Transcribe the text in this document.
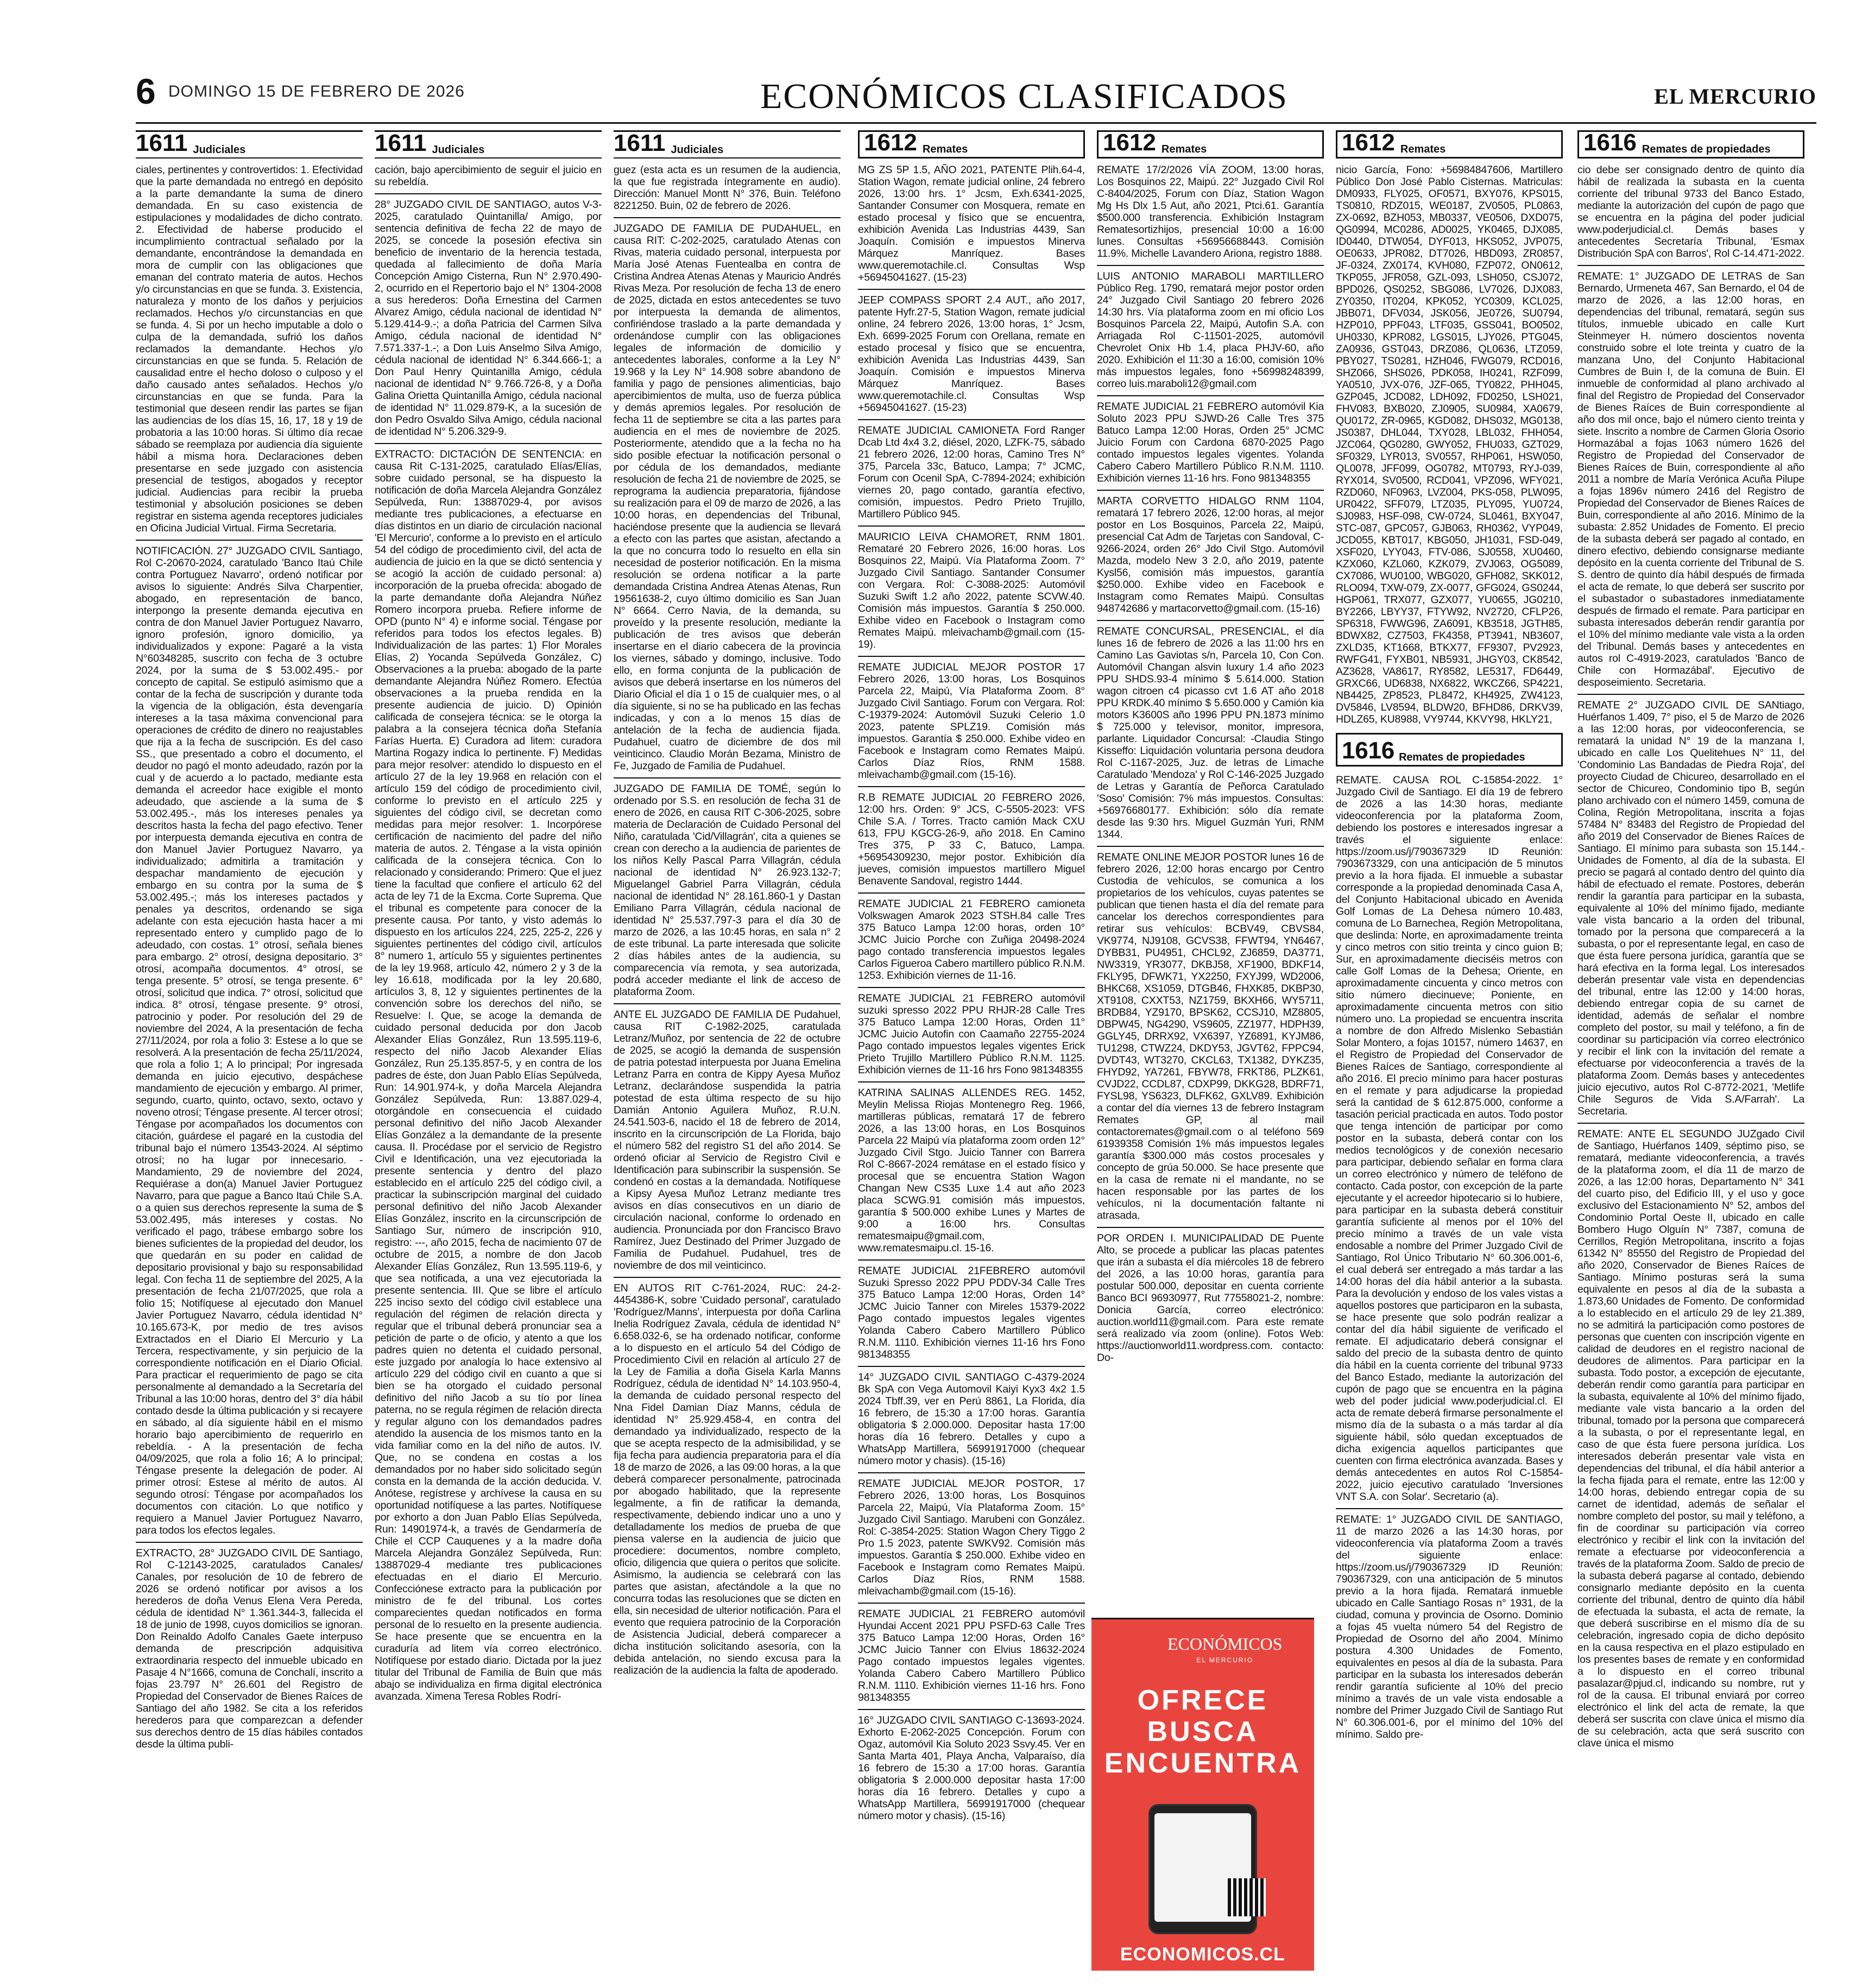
6 DOMINGO 15 DE FEBRERO DE 2026	ECONÓMICOS CLASIFICADOS	EL MERCURIO
1611 Judiciales

ciales, pertinentes y controvertidos: 1. Efectividad que la parte demandada no entregó en depósito a la parte demandante la suma de dinero demandada. En su caso existencia de estipulaciones y modalidades de dicho contrato. 2. Efectividad de haberse producido el incumplimiento contractual señalado por la demandante, encontrándose la demandada en mora de cumplir con las obligaciones que emanan del contrato materia de autos. Hechos y/o circunstancias en que se funda. 3. Existencia, naturaleza y monto de los daños y perjuicios reclamados. Hechos y/o circunstancias en que se funda. 4. Si por un hecho imputable a dolo o culpa de la demandada, sufrió los daños reclamados la demandante. Hechos y/o circunstancias en que se funda. 5. Relación de causalidad entre el hecho doloso o culposo y el daño causado antes señalados. Hechos y/o circunstancias en que se funda. Para la testimonial que deseen rendir las partes se fijan las audiencias de los días 15, 16, 17, 18 y 19 de probatoria a las 10:00 horas. Si último día recae sábado se reemplaza por audiencia día siguiente hábil a misma hora. Declaraciones deben presentarse en sede juzgado con asistencia presencial de testigos, abogados y receptor judicial. Audiencias para recibir la prueba testimonial y absolución posiciones se deben registrar en sistema agenda receptores judiciales en Oficina Judicial Virtual. Firma Secretaria.

NOTIFICACIÓN. 27° JUZGADO CIVIL Santiago, Rol C-20670-2024, caratulado 'Banco Itaú Chile contra Portuguez Navarro', ordenó notificar por avisos lo siguiente: Andrés Silva Charpentier, abogado, en representación de banco, interpongo la presente demanda ejecutiva en contra de don Manuel Javier Portuguez Navarro, ignoro profesión, ignoro domicilio, ya individualizados y expone: Pagaré a la vista N°60348285, suscrito con fecha de 3 octubre 2024, por la suma de $ 53.002.495.- por concepto de capital. Se estipuló asimismo que a contar de la fecha de suscripción y durante toda la vigencia de la obligación, ésta devengaría intereses a la tasa máxima convencional para operaciones de crédito de dinero no reajustables que rija a la fecha de suscripción. Es del caso SS., que presentado a cobro el documento, el deudor no pagó el monto adeudado, razón por la cual y de acuerdo a lo pactado, mediante esta demanda el acreedor hace exigible el monto adeudado, que asciende a la suma de $ 53.002.495.-, más los intereses penales ya descritos hasta la fecha del pago efectivo. Tener por interpuesta demanda ejecutiva en contra de don Manuel Javier Portuguez Navarro, ya individualizado; admitirla a tramitación y despachar mandamiento de ejecución y embargo en su contra por la suma de $ 53.002.495.-; más los intereses pactados y penales ya descritos, ordenando se siga adelante con esta ejecución hasta hacer a mi representado entero y cumplido pago de lo adeudado, con costas. 1° otrosí, señala bienes para embargo. 2° otrosí, designa depositario. 3° otrosí, acompaña documentos. 4° otrosí, se tenga presente. 5° otrosí, se tenga presente. 6° otrosí, solicitud que indica. 7° otrosí, solicitud que indica. 8° otrosí, téngase presente. 9° otrosí, patrocinio y poder. Por resolución del 29 de noviembre del 2024, A la presentación de fecha 27/11/2024, por rola a folio 3: Estese a lo que se resolverá. A la presentación de fecha 25/11/2024, que rola a folio 1; A lo principal; Por ingresada demanda en juicio ejecutivo, despáchese mandamiento de ejecución y embargo. Al primer, segundo, cuarto, quinto, octavo, sexto, octavo y noveno otrosí; Téngase presente. Al tercer otrosí; Téngase por acompañados los documentos con citación, guárdese el pagaré en la custodia del tribunal bajo el número 13543-2024. Al séptimo otrosí; no ha lugar por innecesario. - Mandamiento, 29 de noviembre del 2024, Requiérase a don(a) Manuel Javier Portuguez Navarro, para que pague a Banco Itaú Chile S.A. o a quien sus derechos represente la suma de $ 53.002.495, más intereses y costas. No verificado el pago, trábese embargo sobre los bienes suficientes de la propiedad del deudor, los que quedarán en su poder en calidad de depositario provisional y bajo su responsabilidad legal. Con fecha 11 de septiembre del 2025, A la presentación de fecha 21/07/2025, que rola a folio 15; Notifíquese al ejecutado don Manuel Javier Portuguez Navarro, cédula identidad N° 10.165.673-K, por medio de tres avisos Extractados en el Diario El Mercurio y La Tercera, respectivamente, y sin perjuicio de la correspondiente notificación en el Diario Oficial. Para practicar el requerimiento de pago se cita personalmente al demandado a la Secretaría del Tribunal a las 10:00 horas, dentro del 3° día hábil contado desde la última publicación y si recayere en sábado, al día siguiente hábil en el mismo horario bajo apercibimiento de requerirlo en rebeldía. - A la presentación de fecha 04/09/2025, que rola a folio 16; A lo principal; Téngase presente la delegación de poder. Al primer otrosí: Estese al mérito de autos. Al segundo otrosí: Téngase por acompañados los documentos con citación. Lo que notifico y requiero a Manuel Javier Portuguez Navarro, para todos los efectos legales.

EXTRACTO, 28° JUZGADO CIVIL DE Santiago, Rol C-12143-2025, caratulados Canales/ Canales, por resolución de 10 de febrero de 2026 se ordenó notificar por avisos a los herederos de doña Venus Elena Vera Pereda, cédula de identidad N° 1.361.344-3, fallecida el 18 de junio de 1998, cuyos domicilios se ignoran. Don Reinaldo Adolfo Canales Gaete interpuso demanda de prescripción adquisitiva extraordinaria respecto del inmueble ubicado en Pasaje 4 N°1666, comuna de Conchalí, inscrito a fojas 23.797 N° 26.601 del Registro de Propiedad del Conservador de Bienes Raíces de Santiago del año 1982. Se cita a los referidos herederos para que comparezcan a defender sus derechos dentro de 15 días hábiles contados desde la última publi-

1611 Judiciales

cación, bajo apercibimiento de seguir el juicio en su rebeldía.

28° JUZGADO CIVIL DE SANTIAGO, autos V-3-2025, caratulado Quintanilla/ Amigo, por sentencia definitiva de fecha 22 de mayo de 2025, se concede la posesión efectiva sin beneficio de inventario de la herencia testada, quedada al fallecimiento de doña María Concepción Amigo Cisterna, Run N° 2.970.490-2, ocurrido en el Repertorio bajo el N° 1304-2008 a sus herederos: Doña Ernestina del Carmen Alvarez Amigo, cédula nacional de identidad N° 5.129.414-9.-; a doña Patricia del Carmen Silva Amigo, cédula nacional de identidad N° 7.571.337-1.-; a Don Luis Anselmo Silva Amigo, cédula nacional de identidad N° 6.344.666-1; a Don Paul Henry Quintanilla Amigo, cédula nacional de identidad N° 9.766.726-8, y a Doña Galina Orietta Quintanilla Amigo, cédula nacional de identidad N° 11.029.879-K, a la sucesión de don Pedro Osvaldo Silva Amigo, cédula nacional de identidad N° 5.206.329-9.

EXTRACTO: DICTACIÓN DE SENTENCIA: en causa Rit C-131-2025, caratulado Elías/Elías, sobre cuidado personal, se ha dispuesto la notificación de doña Marcela Alejandra González Sepúlveda, Run: 13887029-4, por avisos mediante tres publicaciones, a efectuarse en días distintos en un diario de circulación nacional 'El Mercurio', conforme a lo previsto en el artículo 54 del código de procedimiento civil, del acta de audiencia de juicio en la que se dictó sentencia y se acogió la acción de cuidado personal: a) incorporación de la prueba ofrecida: abogado de la parte demandante doña Alejandra Núñez Romero incorpora prueba. Refiere informe de OPD (punto N° 4) e informe social. Téngase por referidos para todos los efectos legales. B) Individualización de las partes: 1) Flor Morales Elías, 2) Yocanda Sepúlveda González, C) Observaciones a la prueba: abogado de la parte demandante Alejandra Núñez Romero. Efectúa observaciones a la prueba rendida en la presente audiencia de juicio. D) Opinión calificada de consejera técnica: se le otorga la palabra a la consejera técnica doña Stefanía Farías Huerta. E) Curadora ad litem: curadora Martina Rogazy indica lo pertinente. F) Medidas para mejor resolver: atendido lo dispuesto en el artículo 27 de la ley 19.968 en relación con el artículo 159 del código de procedimiento civil, conforme lo previsto en el artículo 225 y siguientes del código civil, se decretan como medidas para mejor resolver: 1. Incorpórese certificación de nacimiento del padre del niño materia de autos. 2. Téngase a la vista opinión calificada de la consejera técnica. Con lo relacionado y considerando: Primero: Que el juez tiene la facultad que confiere el artículo 62 del acta de ley 71 de la Excma. Corte Suprema. Que el tribunal es competente para conocer de la presente causa. Por tanto, y visto además lo dispuesto en los artículos 224, 225, 225-2, 226 y siguientes pertinentes del código civil, artículos 8° numero 1, artículo 55 y siguientes pertinentes de la ley 19.968, artículo 42, número 2 y 3 de la ley 16.618, modificada por la ley 20.680, artículos 3, 8, 12 y siguientes pertinentes de la convención sobre los derechos del niño, se Resuelve: I. Que, se acoge la demanda de cuidado personal deducida por don Jacob Alexander Elías González, Run 13.595.119-6, respecto del niño Jacob Alexander Elías González, Run 25.135.857-5, y en contra de los padres de éste, don Juan Pablo Elías Sepúlveda, Run: 14.901.974-k, y doña Marcela Alejandra González Sepúlveda, Run: 13.887.029-4, otorgándole en consecuencia el cuidado personal definitivo del niño Jacob Alexander Elías González a la demandante de la presente causa. II. Procédase por el servicio de Registro Civil e Identificación, una vez ejecutoriada la presente sentencia y dentro del plazo establecido en el artículo 225 del código civil, a practicar la subinscripción marginal del cuidado personal definitivo del niño Jacob Alexander Elías González, inscrito en la circunscripción de Santiago Sur, número de inscripción 910, registro: ---, año 2015, fecha de nacimiento 07 de octubre de 2015, a nombre de don Jacob Alexander Elías González, Run 13.595.119-6, y que sea notificada, a una vez ejecutoriada la presente sentencia. III. Que se libre el artículo 225 inciso sexto del código civil establece una regulación del régimen de relación directa y regular que el tribunal deberá pronunciar sea a petición de parte o de oficio, y atento a que los padres quien no detenta el cuidado personal, este juzgado por analogía lo hace extensivo al artículo 229 del código civil en cuanto a que si bien se ha otorgado el cuidado personal definitivo del niño Jacob a su tío por línea paterna, no se regula régimen de relación directa y regular alguno con los demandados padres atendido la ausencia de los mismos tanto en la vida familiar como en la del niño de autos. IV. Que, no se condena en costas a los demandados por no haber sido solicitado según consta en la demanda de la acción deducida. V. Anótese, regístrese y archívese la causa en su oportunidad notifíquese a las partes. Notifíquese por exhorto a don Juan Pablo Elías Sepúlveda, Run: 14901974-k, a través de Gendarmería de Chile el CCP Cauquenes y a la madre doña Marcela Alejandra González Sepúlveda, Run: 13887029-4 mediante tres publicaciones efectuadas en el diario El Mercurio. Confecciónese extracto para la publicación por ministro de fe del tribunal. Los cortes comparecientes quedan notificados en forma personal de lo resuelto en la presente audiencia. Se hace presente que se encuentra en la curaduría ad litem vía correo electrónico. Notifíquese por estado diario. Dictada por la juez titular del Tribunal de Familia de Buin que más abajo se individualiza en firma digital electrónica avanzada. Ximena Teresa Robles Rodrí-

1611 Judiciales

guez (esta acta es un resumen de la audiencia, la que fue registrada íntegramente en audio). Dirección: Manuel Montt N° 376, Buin. Teléfono 8221250. Buin, 02 de febrero de 2026.

JUZGADO DE FAMILIA DE PUDAHUEL, en causa RIT: C-202-2025, caratulado Atenas con Rivas, materia cuidado personal, interpuesta por María José Atenas Fuentealba en contra de Cristina Andrea Atenas Atenas y Mauricio Andrés Rivas Meza. Por resolución de fecha 13 de enero de 2025, dictada en estos antecedentes se tuvo por interpuesta la demanda de alimentos, confiriéndose traslado a la parte demandada y ordenándose cumplir con las obligaciones legales de información de domicilio y antecedentes laborales, conforme a la Ley N° 19.968 y la Ley N° 14.908 sobre abandono de familia y pago de pensiones alimenticias, bajo apercibimientos de multa, uso de fuerza pública y demás apremios legales. Por resolución de fecha 11 de septiembre se cita a las partes para audiencia en el mes de noviembre de 2025. Posteriormente, atendido que a la fecha no ha sido posible efectuar la notificación personal o por cédula de los demandados, mediante resolución de fecha 21 de noviembre de 2025, se reprograma la audiencia preparatoria, fijándose su realización para el 09 de marzo de 2026, a las 10:00 horas, en dependencias del Tribunal, haciéndose presente que la audiencia se llevará a efecto con las partes que asistan, afectando a la que no concurra todo lo resuelto en ella sin necesidad de posterior notificación. En la misma resolución se ordena notificar a la parte demandada Cristina Andrea Atenas Atenas, Run 19561638-2, cuyo último domicilio es San Juan N° 6664. Cerro Navia, de la demanda, su proveído y la presente resolución, mediante la publicación de tres avisos que deberán insertarse en el diario cabecera de la provincia los viernes, sábado y domingo, inclusive. Todo ello, en forma conjunta de la publicación de avisos que deberá insertarse en los números del Diario Oficial el día 1 o 15 de cualquier mes, o al día siguiente, si no se ha publicado en las fechas indicadas, y con a lo menos 15 días de antelación de la fecha de audiencia fijada. Pudahuel, cuatro de diciembre de dos mil veinticinco. Claudio Morán Bezama, Ministro de Fe, Juzgado de Familia de Pudahuel.

JUZGADO DE FAMILIA DE TOMÉ, según lo ordenado por S.S. en resolución de fecha 31 de enero de 2026, en causa RIT C-306-2025, sobre materia de Declaración de Cuidado Personal del Niño, caratulada 'Cid/Villagrán', cita a quienes se crean con derecho a la audiencia de parientes de los niños Kelly Pascal Parra Villagrán, cédula nacional de identidad N° 26.923.132-7; Miguelangel Gabriel Parra Villagrán, cédula nacional de identidad N° 28.161.860-1 y Dastan Emiliano Parra Villagrán, cédula nacional de identidad N° 25.537.797-3 para el día 30 de marzo de 2026, a las 10:45 horas, en sala n° 2 de este tribunal. La parte interesada que solicite 2 días hábiles antes de la audiencia, su comparecencia vía remota, y sea autorizada, podrá acceder mediante el link de acceso de plataforma Zoom.

ANTE EL JUZGADO DE FAMILIA DE Pudahuel, causa RIT C-1982-2025, caratulada Letranz/Muñoz, por sentencia de 22 de octubre de 2025, se acogió la demanda de suspensión de patria potestad interpuesta por Juana Emelina Letranz Parra en contra de Kippy Ayesa Muñoz Letranz, declarándose suspendida la patria potestad de esta última respecto de su hijo Damián Antonio Aguilera Muñoz, R.U.N. 24.541.503-6, nacido el 18 de febrero de 2014, inscrito en la circunscripción de La Florida, bajo el número 582 del registro S1 del año 2014. Se ordenó oficiar al Servicio de Registro Civil e Identificación para subinscribir la suspensión. Se condenó en costas a la demandada. Notifíquese a Kipsy Ayesa Muñoz Letranz mediante tres avisos en días consecutivos en un diario de circulación nacional, conforme lo ordenado en audiencia. Pronunciada por don Francisco Bravo Ramírez, Juez Destinado del Primer Juzgado de Familia de Pudahuel. Pudahuel, tres de noviembre de dos mil veinticinco.

EN AUTOS RIT C-761-2024, RUC: 24-2-4454386-K, sobre 'Cuidado personal', caratulado 'Rodríguez/Manns', interpuesta por doña Carlina Inelia Rodríguez Zavala, cédula de identidad N° 6.658.032-6, se ha ordenado notificar, conforme a lo dispuesto en el artículo 54 del Código de Procedimiento Civil en relación al artículo 27 de la Ley de Familia a doña Gisela Karla Manns Rodríguez, cédula de identidad N° 14.103.950-4, la demanda de cuidado personal respecto del Nna Fidel Damian Díaz Manns, cédula de identidad N° 25.929.458-4, en contra del demandado ya individualizado, respecto de la que se acepta respecto de la admisibilidad, y se fija fecha para audiencia preparatoria para el día 18 de marzo de 2026, a las 09:00 horas, a la que deberá comparecer personalmente, patrocinada por abogado habilitado, que la represente legalmente, a fin de ratificar la demanda, respectivamente, debiendo indicar uno a uno y detalladamente los medios de prueba de que piensa valerse en la audiencia de juicio que procediere: documentos, nombre completo, oficio, diligencia que quiera o peritos que solicite. Asimismo, la audiencia se celebrará con las partes que asistan, afectándole a la que no concurra todas las resoluciones que se dicten en ella, sin necesidad de ulterior notificación. Para el evento que requiera patrocinio de la Corporación de Asistencia Judicial, deberá comparecer a dicha institución solicitando asesoría, con la debida antelación, no siendo excusa para la realización de la audiencia la falta de apoderado.

1612 Remates

MG ZS 5P 1.5, AÑO 2021, PATENTE Plih.64-4, Station Wagon, remate judicial online, 24 febrero 2026, 13:00 hrs. 1° Jcsm, Exh.6341-2025, Santander Consumer con Mosquera, remate en estado procesal y físico que se encuentra, exhibición Avenida Las Industrias 4439, San Joaquín. Comisión e impuestos Minerva Márquez Manríquez. Bases www.queremotachile.cl. Consultas Wsp +56945041627. (15-23)

JEEP COMPASS SPORT 2.4 AUT., año 2017, patente Hyfr.27-5, Station Wagon, remate judicial online, 24 febrero 2026, 13:00 horas, 1° Jcsm, Exh. 6699-2025 Forum con Orellana, remate en estado procesal y físico que se encuentra, exhibición Avenida Las Industrias 4439, San Joaquín. Comisión e impuestos Minerva Márquez Manríquez. Bases www.queremotachile.cl. Consultas Wsp +56945041627. (15-23)

REMATE JUDICIAL CAMIONETA Ford Ranger Dcab Ltd 4x4 3.2, diésel, 2020, LZFK-75, sábado 21 febrero 2026, 12:00 horas, Camino Tres N° 375, Parcela 33c, Batuco, Lampa; 7° JCMC, Forum con Ocenil SpA, C-7894-2024; exhibición viernes 20, pago contado, garantía efectivo, comisión, impuestos. Pedro Prieto Trujillo, Martillero Público 945.

MAURICIO LEIVA CHAMORET, RNM 1801. Remataré 20 Febrero 2026, 16:00 horas. Los Bosquinos 22, Maipú. Vía Plataforma Zoom. 7° Juzgado Civil Santiago. Santander Consumer con Vergara. Rol: C-3088-2025: Automóvil Suzuki Swift 1.2 año 2022, patente SCVW.40. Comisión más impuestos. Garantía $ 250.000. Exhibe video en Facebook o Instagram como Remates Maipú. mleivachamb@gmail.com (15-19).

REMATE JUDICIAL MEJOR POSTOR 17 Febrero 2026, 13:00 horas, Los Bosquinos Parcela 22, Maipú, Vía Plataforma Zoom. 8° Juzgado Civil Santiago. Forum con Vergara. Rol: C-19379-2024: Automóvil Suzuki Celerio 1.0 2023, patente SPLZ19. Comisión más impuestos. Garantía $ 250.000. Exhibe video en Facebook e Instagram como Remates Maipú. Carlos Díaz Ríos, RNM 1588. mleivachamb@gmail.com (15-16).

R.B REMATE JUDICIAL 20 FEBRERO 2026, 12:00 hrs. Orden: 9° JCS, C-5505-2023: VFS Chile S.A. / Torres. Tracto camión Mack CXU 613, FPU KGCG-26-9, año 2018. En Camino Tres 375, P 33 C, Batuco, Lampa. +56954309230, mejor postor. Exhibición día jueves, comisión impuestos martillero Miguel Benavente Sandoval, registro 1444.

REMATE JUDICIAL 21 FEBRERO camioneta Volkswagen Amarok 2023 STSH.84 calle Tres 375 Batuco Lampa 12:00 horas, orden 10° JCMC Juicio Porche con Zuñiga 20498-2024 pago contado transferencia impuestos legales Carlos Figueroa Cabero martillero público R.N.M. 1253. Exhibición viernes de 11-16.

REMATE JUDICIAL 21 FEBRERO automóvil suzuki spresso 2022 PPU RHJR-28 Calle Tres 375 Batuco Lampa 12:00 Horas, Orden 11° JCMC Juicio Autofin con Caamaño 22755-2024 Pago contado impuestos legales vigentes Erick Prieto Trujillo Martillero Público R.N.M. 1125. Exhibición viernes de 11-16 hrs Fono 981348355

KATRINA SALINAS ALLENDES REG. 1452, Meylin Melissa Riojas Montenegro Reg. 1966, martilleras públicas, rematará 17 de febrero 2026, a las 13:00 horas, en Los Bosquinos Parcela 22 Maipú vía plataforma zoom orden 12° Juzgado Civil Stgo. Juicio Tanner con Barrera Rol C-8667-2024 remátase en el estado físico y procesal que se encuentra Station Wagon Changan New CS35 Luxe 1.4 aut año 2023 placa SCWG.91 comisión más impuestos, garantía $ 500.000 exhibe Lunes y Martes de 9:00 a 16:00 hrs. Consultas rematesmaipu@gmail.com, www.rematesmaipu.cl. 15-16.

REMATE JUDICIAL 21FEBRERO automóvil Suzuki Spresso 2022 PPU PDDV-34 Calle Tres 375 Batuco Lampa 12:00 Horas, Orden 14° JCMC Juicio Tanner con Mireles 15379-2022 Pago contado impuestos legales vigentes Yolanda Cabero Cabero Martillero Público R.N.M. 1110. Exhibición viernes 11-16 hrs Fono 981348355

14° JUZGADO CIVIL SANTIAGO C-4379-2024 Bk SpA con Vega Automovil Kaiyi Kyx3 4x2 1.5 2024 Tbff.39, ver en Perú 8861, La Florida, día 16 febrero, de 15:30 a 17:00 horas. Garantía obligatoria $ 2.000.000. Depositar hasta 17:00 horas día 16 febrero. Detalles y cupo a WhatsApp Martillera, 56991917000 (chequear número motor y chasis). (15-16)

REMATE JUDICIAL MEJOR POSTOR, 17 Febrero 2026, 13:00 horas, Los Bosquinos Parcela 22, Maipú, Vía Plataforma Zoom. 15° Juzgado Civil Santiago. Marubeni con González. Rol: C-3854-2025: Station Wagon Chery Tiggo 2 Pro 1.5 2023, patente SWKV92. Comisión más impuestos. Garantía $ 250.000. Exhibe video en Facebook e Instagram como Remates Maipú. Carlos Díaz Ríos, RNM 1588. mleivachamb@gmail.com (15-16).

REMATE JUDICIAL 21 FEBRERO automóvil Hyundai Accent 2021 PPU PSFD-63 Calle Tres 375 Batuco Lampa 12:00 Horas, Orden 16° JCMC Juicio Tanner con Elvius 18632-2024 Pago contado impuestos legales vigentes. Yolanda Cabero Cabero Martillero Público R.N.M. 1110. Exhibición viernes 11-16 hrs. Fono 981348355

16° JUZGADO CIVIL SANTIAGO C-13693-2024. Exhorto E-2062-2025 Concepción. Forum con Ogaz, automóvil Kia Soluto 2023 Ssvy.45. Ver en Santa Marta 401, Playa Ancha, Valparaíso, día 16 febrero de 15:30 a 17:00 horas. Garantía obligatoria $ 2.000.000 depositar hasta 17:00 horas día 16 febrero. Detalles y cupo a WhatsApp Martillera, 56991917000 (chequear número motor y chasis). (15-16)

1612 Remates

REMATE 17/2/2026 VÍA ZOOM, 13:00 horas, Los Bosquinos 22, Maipú. 22° Juzgado Civil Rol C-8404/2025, Forum con Díaz, Station Wagon Mg Hs Dlx 1.5 Aut, año 2021, Ptci.61. Garantía $500.000 transferencia. Exhibición Instagram Rematesortizhijos, presencial 10:00 a 16:00 lunes. Consultas +56956688443. Comisión 11.9%. Michelle Lavandero Ariona, registro 1888.

LUIS ANTONIO MARABOLI MARTILLERO Público Reg. 1790, rematará mejor postor orden 24° Juzgado Civil Santiago 20 febrero 2026 14:30 hrs. Vía plataforma zoom en mi oficio Los Bosquinos Parcela 22, Maipú, Autofin S.A. con Arriagada Rol C-11501-2025, automóvil Chevrolet Onix Hb 1.4, placa PHJV-60, año 2020. Exhibición el 11:30 a 16:00, comisión 10% más impuestos legales, fono +56998248399, correo luis.maraboli12@gmail.com

REMATE JUDICIAL 21 FEBRERO automóvil Kia Soluto 2023 PPU SJWD-26 Calle Tres 375 Batuco Lampa 12:00 Horas, Orden 25° JCMC Juicio Forum con Cardona 6870-2025 Pago contado impuestos legales vigentes. Yolanda Cabero Cabero Martillero Público R.N.M. 1110. Exhibición viernes 11-16 hrs. Fono 981348355

MARTA CORVETTO HIDALGO RNM 1104, rematará 17 febrero 2026, 12:00 horas, al mejor postor en Los Bosquinos, Parcela 22, Maipú, presencial Cat Adm de Tarjetas con Sandoval, C-9266-2024, orden 26° Jdo Civil Stgo. Automóvil Mazda, modelo New 3 2.0, año 2019, patente Kysl56, comisión más impuestos, garantía $250.000. Exhibe video en Facebook e Instagram como Remates Maipú. Consultas 948742686 y martacorvetto@gmail.com. (15-16)

REMATE CONCURSAL, PRESENCIAL, el día lunes 16 de febrero de 2026 a las 11:00 hrs en Camino Las Gaviotas s/n, Parcela 10, Con Con. Automóvil Changan alsvin luxury 1.4 año 2023 PPU SHDS.93-4 mínimo $ 5.614.000. Station wagon citroen c4 picasso cvt 1.6 AT año 2018 PPU KRDK.40 mínimo $ 5.650.000 y Camión kia motors K3600S año 1996 PPU PN.1873 mínimo $ 725.000 y televisor, monitor, impresora, parlante. Liquidador Concursal: -Claudia Stingo Kisseffo: Liquidación voluntaria persona deudora Rol C-1167-2025, Juz. de letras de Limache Caratulado 'Mendoza' y Rol C-146-2025 Juzgado de Letras y Garantía de Peñorca Caratulado 'Soso' Comisión: 7% más impuestos. Consultas: +56976680177. Exhibición: sólo día remate desde las 9:30 hrs. Miguel Guzmán Yuri, RNM 1344.

REMATE ONLINE MEJOR POSTOR lunes 16 de febrero 2026, 12:00 horas encargo por Centro Custodia de vehículos, se comunica a los propietarios de los vehículos, cuyas patentes se publican que tienen hasta el día del remate para cancelar los derechos correspondientes para retirar sus vehículos: BCBV49, CBVS84, VK9774, NJ9108, GCVS38, FFWT94, YN6467, DYBB31, PU4951, CHCL92, ZJ6859, DA3771, NW3319, YR3077, DKBJ58, XF1900, BDKF14, FKLY95, DFWK71, YX2250, FXYJ99, WD2006, BHKC68, XS1059, DTGB46, FHXK85, DKBP30, XT9108, CXXT53, NZ1759, BKXH66, WY5711, BRDB84, YZ9170, BPSK62, CCSJ10, MZ8805, DBPW45, NG4290, VS9605, ZZ1977, HDPH39, GGLY45, DRRX92, VX6397, YZ6891, KYJM86, TU1298, CTWZ24, DKDY53, JGVT62, FPPC94, DVDT43, WT3270, CKCL63, TX1382, DYKZ35, FHYD92, YA7261, FBYW78, FRKT86, PLZK61, CVJD22, CCDL87, CDXP99, DKKG28, BDRF71, FYSL98, YS6323, DLFK62, GXLV89. Exhibición a contar del día viernes 13 de febrero Instagram Remates GP, al mail contactoremates@gmail.com o al teléfono 569 61939358 Comisión 1% más impuestos legales garantía $300.000 más costos procesales y concepto de grúa 50.000. Se hace presente que en la casa de remate ni el mandante, no se hacen responsable por las partes de los vehículos, ni la documentación faltante ni atrasada.

POR ORDEN I. MUNICIPALIDAD DE Puente Alto, se procede a publicar las placas patentes que irán a subasta el día miércoles 18 de febrero del 2026, a las 10:00 horas, garantía para postular 500.000, depositar en cuenta corriente Banco BCI 96930977, Rut 77558021-2, nombre: Donicia García, correo electrónico: auction.world11@gmail.com. Para este remate será realizado vía zoom (online). Fotos Web: https://auctionworld11.wordpress.com. contacto: Do-

1612 Remates

nicio García, Fono: +56984847606, Martillero Público Don José Pablo Cisternas. Matriculas: DM0933, FLY025, OF0571, BXY076, KPS015, TS0810, RDZ015, WE0187, ZV0505, PL0863, ZX-0692, BZH053, MB0337, VE0506, DXD075, QG0994, MC0286, AD0025, YK0465, DJX085, ID0440, DTW054, DYF013, HKS052, JVP075, OE0633, JPR082, DT7026, HBD093, ZR0857, JF-0324, ZX0174, KVH080, FZP072, ON0612, TKP055, JFR058, GZL-093, LSH050, CSJ072, BPD026, QS0252, SBG086, LV7026, DJX083, ZY0350, IT0204, KPK052, YC0309, KCL025, JBB071, DFV034, JSK056, JE0726, SU0794, HZP010, PPF043, LTF035, GSS041, BO0502, UH0330, KPR082, LGS015, LJY026, PTG045, ZA0936, GST043, DRZ086, QL0636, LTZ059, PBY027, TS0281, HZH046, FWG079, RCD016, SHZ066, SHS026, PDK058, IH0241, RZF099, YA0510, JVX-076, JZF-065, TY0822, PHH045, GZP045, JCD082, LDH092, FD0250, LSH021, FHV083, BXB020, ZJ0905, SU0984, XA0679, QU0172, ZR-0965, KGD082, DHS032, MG0138, JS0387, DHL044, TXY028, LBL032, FHH054, JZC064, QG0280, GWY052, FHU033, GZT029, SF0329, LYR013, SV0557, RHP061, HSW050, QL0078, JFF099, OG0782, MT0793, RYJ-039, RYX014, SV0500, RCD041, VPZ096, WFY021, RZD060, NF0963, LVZ004, PKS-058, PLW095, UR0422, SFF079, LTZ035, PLY095, YU0724, SJ0983, HSF-098, CW-0724, SL0461, BXY047, STC-087, GPC057, GJB063, RH0362, VYP049, JCD055, KBT017, KBG050, JH1031, FSD-049, XSF020, LYY043, FTV-086, SJ0558, XU0460, KZX060, KZL060, KZK079, ZVJ063, OG5089, CX7086, WU0100, WBG020, GFH082, SKK012, RLO094, TXW-079, ZX-0077, GFG024, GS0244, HGP061, TRX077, GZX077, YU0655, JG0210, BY2266, LBYY37, FTYW92, NV2720, CFLP26, SP6318, FWWG96, ZA6091, KB3518, JGTH85, BDWX82, CZ7503, FK4358, PT3941, NB3607, ZXLD35, KT1668, BTKX77, FF9307, PV2923, RWFG41, FYXB01, NB5931, JHGY03, CK8542, AZ3628, VA8617, RY8582, LE5317, FD6449, GRXC66, UD6838, NX6822, WKCZ66, SP4221, NB4425, ZP8523, PL8472, KH4925, ZW4123, DV5846, LV8594, BLDW20, BFHD86, DRKV39, HDLZ65, KU8988, VY9744, KKVY98, HKLY21,

1616 Remates de propiedades

REMATE. CAUSA ROL C-15854-2022. 1° Juzgado Civil de Santiago. El día 19 de febrero de 2026 a las 14:30 horas, mediante videoconferencia por la plataforma Zoom, debiendo los postores e interesados ingresar a través el siguiente enlace: https://zoom.us/j/790367329 ID Reunión: 7903673329, con una anticipación de 5 minutos previo a la hora fijada. El inmueble a subastar corresponde a la propiedad denominada Casa A, del Conjunto Habitacional ubicado en Avenida Golf Lomas de La Dehesa número 10.483, comuna de Lo Barnechea, Región Metropolitana, que deslinda: Norte, en aproximadamente treinta y cinco metros con sitio treinta y cinco guion B; Sur, en aproximadamente dieciséis metros con calle Golf Lomas de la Dehesa; Oriente, en aproximadamente cincuenta y cinco metros con sitio número diecinueve; Poniente, en aproximadamente cincuenta metros con sitio número uno. La propiedad se encuentra inscrita a nombre de don Alfredo Mislenko Sebastián Solar Montero, a fojas 10157, número 14637, en el Registro de Propiedad del Conservador de Bienes Raíces de Santiago, correspondiente al año 2016. El precio mínimo para hacer posturas en el remate y para adjudicarse la propiedad será la cantidad de $ 612.875.000, conforme a tasación pericial practicada en autos. Todo postor que tenga intención de participar por como postor en la subasta, deberá contar con los medios tecnológicos y de conexión necesario para participar, debiendo señalar en forma clara un correo electrónico y número de teléfono de contacto. Cada postor, con excepción de la parte ejecutante y el acreedor hipotecario si lo hubiere, para participar en la subasta deberá constituir garantía suficiente al menos por el 10% del precio mínimo a través de un vale vista endosable a nombre del Primer Juzgado Civil de Santiago, Rol Único Tributario N° 60.306.001-6, el cual deberá ser entregado a más tardar a las 14:00 horas del día hábil anterior a la subasta. Para la devolución y endoso de los vales vistas a aquellos postores que participaron en la subasta, se hace presente que solo podrán realizar a contar del día hábil siguiente de verificado el remate. El adjudicatario deberá consignar el saldo del precio de la subasta dentro de quinto día hábil en la cuenta corriente del tribunal 9733 del Banco Estado, mediante la autorización del cupón de pago que se encuentra en la página web del poder judicial www.poderjudicial.cl. El acta de remate deberá firmarse personalmente el mismo día de la subasta o a más tardar al día siguiente hábil, sólo quedan exceptuados de dicha exigencia aquellos participantes que cuenten con firma electrónica avanzada. Bases y demás antecedentes en autos Rol C-15854-2022, juicio ejecutivo caratulado 'Inversiones VNT S.A. con Solar'. Secretario (a).

REMATE: 1° JUZGADO CIVIL DE SANTIAGO, 11 de marzo 2026 a las 14:30 horas, por videoconferencia vía plataforma Zoom a través del siguiente enlace: https://zoom.us/j/790367329 ID Reunión: 790367329, con una anticipación de 5 minutos previo a la hora fijada. Rematará inmueble ubicado en Calle Santiago Rosas n° 1931, de la ciudad, comuna y provincia de Osorno. Dominio a fojas 45 vuelta número 54 del Registro de Propiedad de Osorno del año 2004. Mínimo postura 4.300 Unidades de Fomento, equivalentes en pesos al día de la subasta. Para participar en la subasta los interesados deberán rendir garantía suficiente al 10% del precio mínimo a través de un vale vista endosable a nombre del Primer Juzgado Civil de Santiago Rut N° 60.306.001-6, por el mínimo del 10% del mínimo. Saldo pre-

1616 Remates de propiedades

cio debe ser consignado dentro de quinto día hábil de realizada la subasta en la cuenta corriente del tribunal 9733 del Banco Estado, mediante la autorización del cupón de pago que se encuentra en la página del poder judicial www.poderjudicial.cl. Demás bases y antecedentes Secretaría Tribunal, 'Esmax Distribución SpA con Barros', Rol C-14.471-2022.

REMATE: 1° JUZGADO DE LETRAS de San Bernardo, Urmeneta 467, San Bernardo, el 04 de marzo de 2026, a las 12:00 horas, en dependencias del tribunal, rematará, según sus títulos, inmueble ubicado en calle Kurt Steinmeyer H. número doscientos noventa construido sobre el lote treinta y cuatro de la manzana Uno, del Conjunto Habitacional Cumbres de Buin I, de la comuna de Buin. El inmueble de conformidad al plano archivado al final del Registro de Propiedad del Conservador de Bienes Raíces de Buin correspondiente al año dos mil once, bajo el número ciento treinta y siete. Inscrito a nombre de Carmen Gloria Osorio Hormazábal a fojas 1063 número 1626 del Registro de Propiedad del Conservador de Bienes Raíces de Buin, correspondiente al año 2011 a nombre de María Verónica Acuña Pilupe a fojas 1896v número 2416 del Registro de Propiedad del Conservador de Bienes Raíces de Buin, correspondiente al año 2016. Mínimo de la subasta: 2.852 Unidades de Fomento. El precio de la subasta deberá ser pagado al contado, en dinero efectivo, debiendo consignarse mediante depósito en la cuenta corriente del Tribunal de S. S. dentro de quinto día hábil después de firmada el acta de remate, lo que deberá ser suscrito por el subastador o subastadores inmediatamente después de firmado el remate. Para participar en subasta interesados deberán rendir garantía por el 10% del mínimo mediante vale vista a la orden del Tribunal. Demás bases y antecedentes en autos rol C-4919-2023, caratulados 'Banco de Chile con Hormazábal'. Ejecutivo de desposeimiento. Secretaria.

REMATE 2° JUZGADO CIVIL DE SANtiago, Huérfanos 1.409, 7° piso, el 5 de Marzo de 2026 a las 12:00 horas, por videoconferencia, se rematará la unidad N° 19 de la manzana I, ubicado en calle Los Quelitehues N° 11, del 'Condominio Las Bandadas de Piedra Roja', del proyecto Ciudad de Chicureo, desarrollado en el sector de Chicureo, Condominio tipo B, según plano archivado con el número 1459, comuna de Colina, Región Metropolitana, inscrita a fojas 57484 N° 83483 del Registro de Propiedad del año 2019 del Conservador de Bienes Raíces de Santiago. El mínimo para subasta son 15.144.- Unidades de Fomento, al día de la subasta. El precio se pagará al contado dentro del quinto día hábil de efectuado el remate. Postores, deberán rendir la garantía para participar en la subasta, equivalente al 10% del mínimo fijado, mediante vale vista bancario a la orden del tribunal, tomado por la persona que comparecerá a la subasta, o por el representante legal, en caso de que ésta fuere persona jurídica, garantía que se hará efectiva en la forma legal. Los interesados deberán presentar vale vista en dependencias del tribunal, entre las 12:00 y 14:00 horas, debiendo entregar copia de su carnet de identidad, además de señalar el nombre completo del postor, su mail y teléfono, a fin de coordinar su participación vía correo electrónico y recibir el link con la invitación del remate a efectuarse por videoconferencia a través de la plataforma Zoom. Demás bases y antecedentes juicio ejecutivo, autos Rol C-8772-2021, 'Metlife Chile Seguros de Vida S.A/Farrah'. La Secretaria.

REMATE: ANTE EL SEGUNDO JUZgado Civil de Santiago, Huérfanos 1409, séptimo piso, se rematará, mediante videoconferencia, a través de la plataforma zoom, el día 11 de marzo de 2026, a las 12:00 horas, Departamento N° 341 del cuarto piso, del Edificio III, y el uso y goce exclusivo del Estacionamiento N° 52, ambos del Condominio Portal Oeste II, ubicado en calle Bombero Hugo Olguín N° 7387, comuna de Cerrillos, Región Metropolitana, inscrito a fojas 61342 N° 85550 del Registro de Propiedad del año 2020, Conservador de Bienes Raíces de Santiago. Mínimo posturas será la suma equivalente en pesos al día de la subasta a 1.873,60 Unidades de Fomento. De conformidad a lo establecido en el artículo 29 de ley 21.389, no se admitirá la participación como postores de personas que cuenten con inscripción vigente en calidad de deudores en el registro nacional de deudores de alimentos. Para participar en la subasta. Todo postor, a excepción de ejecutante, deberán rendir como garantía para participar en la subasta, equivalente al 10% del mínimo fijado, mediante vale vista bancario a la orden del tribunal, tomado por la persona que comparecerá a la subasta, o por el representante legal, en caso de que ésta fuere persona jurídica. Los interesados deberán presentar vale vista en dependencias del tribunal, el día hábil anterior a la fecha fijada para el remate, entre las 12:00 y 14:00 horas, debiendo entregar copia de su carnet de identidad, además de señalar el nombre completo del postor, su mail y teléfono, a fin de coordinar su participación vía correo electrónico y recibir el link con la invitación del remate a efectuarse por videoconferencia a través de la plataforma Zoom. Saldo de precio de la subasta deberá pagarse al contado, debiendo consignarlo mediante depósito en la cuenta corriente del tribunal, dentro de quinto día hábil de efectuada la subasta, el acta de remate, la que deberá suscribirse en el mismo día de su celebración, ingresado copia de dicho depósito en la causa respectiva en el plazo estipulado en los presentes bases de remate y en conformidad a lo dispuesto en el correo tribunal pasalazar@pjud.cl, indicando su nombre, rut y rol de la causa. El tribunal enviará por correo electrónico el link del acta de remate, la que deberá ser suscrita con clave única el mismo día de su celebración, acta que será suscrito con clave única el mismo

ECONÓMICOS
EL MERCURIO
OFRECE
BUSCA
ENCUENTRA
ECONOMICOS.CL
